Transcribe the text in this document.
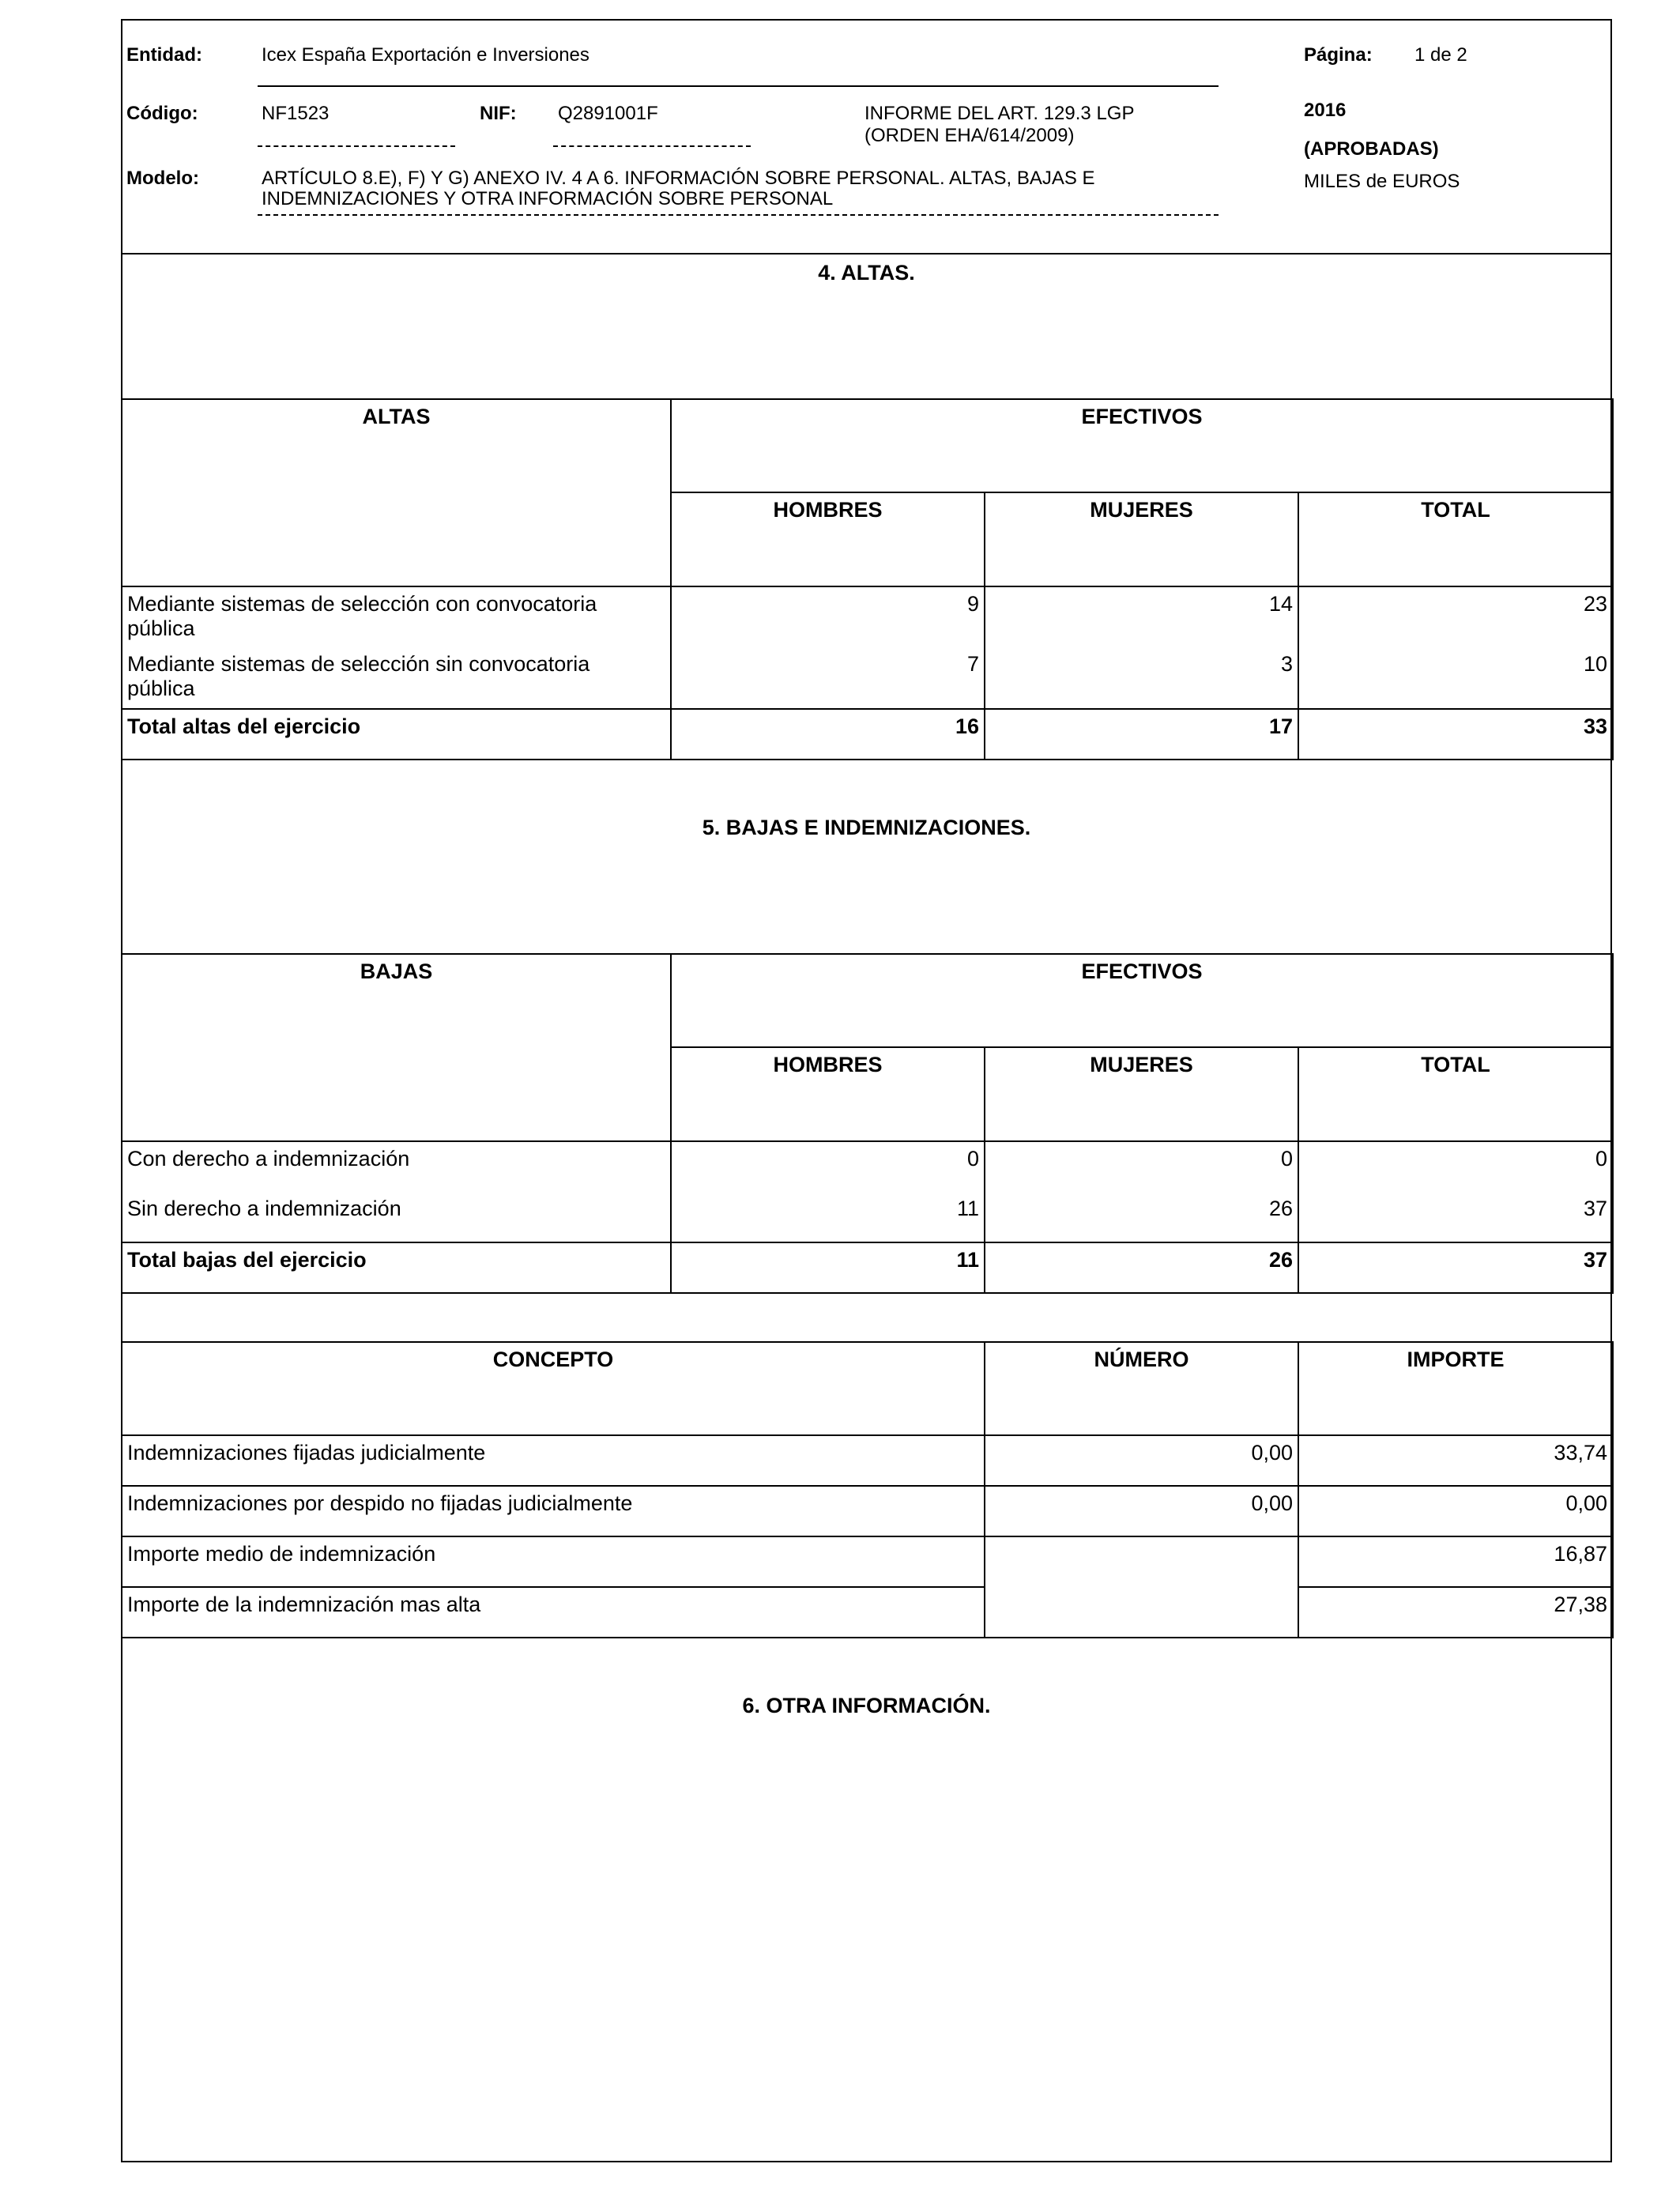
Entidad:	Icex España Exportación e Inversiones	Página: 1 de 2
Código:	NF1523	NIF: Q2891001F	INFORME DEL ART. 129.3 LGP
(ORDEN EHA/614/2009)
2016
(APROBADAS)
MILES de EUROS
Modelo:	ARTÍCULO 8.E), F) Y G) ANEXO IV. 4 A 6. INFORMACIÓN SOBRE PERSONAL. ALTAS, BAJAS E
INDEMNIZACIONES Y OTRA INFORMACIÓN SOBRE PERSONAL
4. ALTAS.
ALTAS	EFECTIVOS		
	HOMBRES	MUJERES	TOTAL
Mediante sistemas de selección con convocatoria
pública	9	14	23
Mediante sistemas de selección sin convocatoria
pública	7	3	10
Total altas del ejercicio	16	17	33
5. BAJAS E INDEMNIZACIONES.
BAJAS	EFECTIVOS		
	HOMBRES	MUJERES	TOTAL
Con derecho a indemnización	0	0	0
Sin derecho a indemnización	11	26	37
Total bajas del ejercicio	11	26	37
CONCEPTO	NÚMERO	IMPORTE
Indemnizaciones fijadas judicialmente	0,00	33,74
Indemnizaciones por despido no fijadas judicialmente	0,00	0,00
Importe medio de indemnización		16,87
Importe de la indemnización mas alta		27,38
6. OTRA INFORMACIÓN.
